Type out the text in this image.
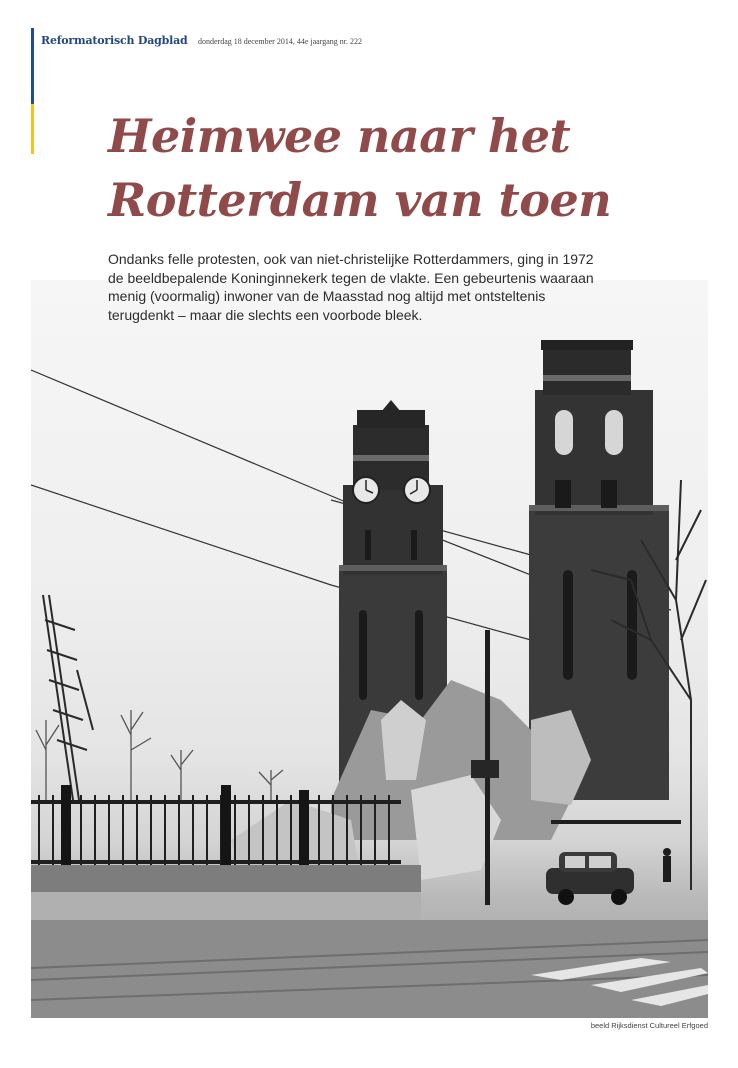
Reformatorisch Dagblad donderdag 18 december 2014, 44e jaargang nr. 222
Heimwee naar het
Rotterdam van toen

Ondanks felle protesten, ook van niet-christelijke Rotterdammers, ging in 1972 de beeldbepalende Koninginnekerk tegen de vlakte. Een gebeurtenis waaraan menig (voormalig) inwoner van de Maasstad nog altijd met ontsteltenis terugdenkt – maar die slechts een voorbode bleek.

beeld Rijksdienst Cultureel Erfgoed
